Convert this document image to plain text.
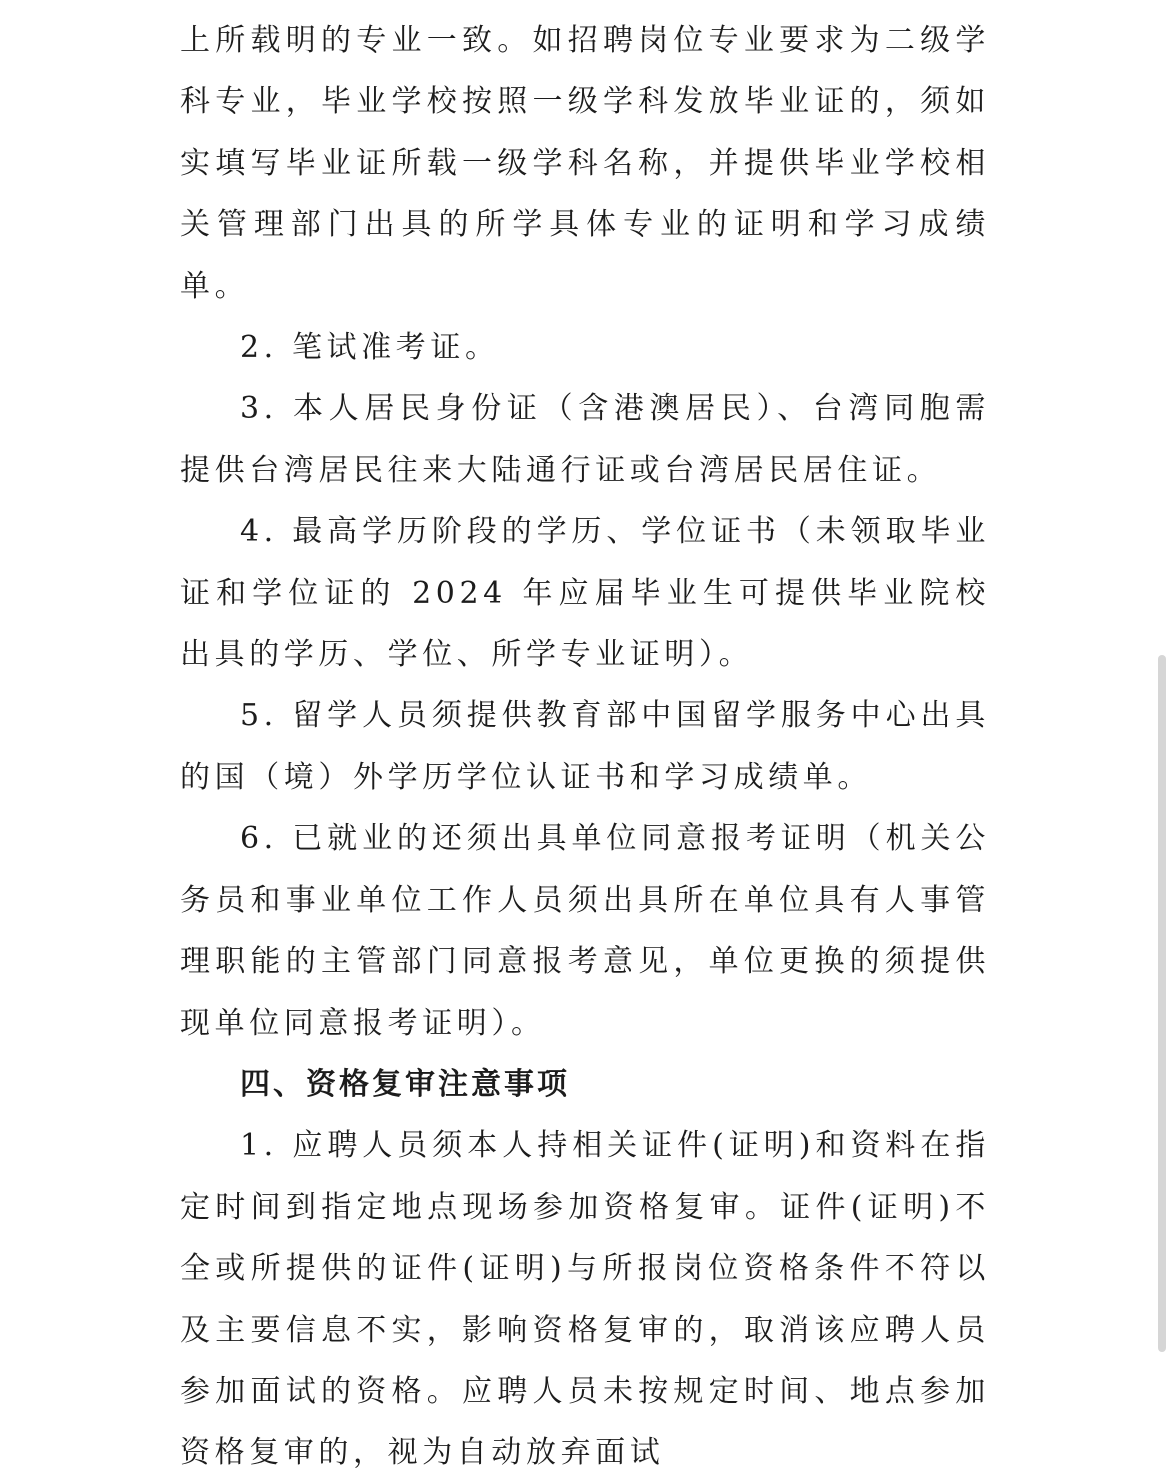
上所载明的专业一致。如招聘岗位专业要求为二级学科专业，毕业学校按照一级学科发放毕业证的，须如实填写毕业证所载一级学科名称，并提供毕业学校相关管理部门出具的所学具体专业的证明和学习成绩单。

2. 笔试准考证。

3. 本人居民身份证（含港澳居民）、台湾同胞需提供台湾居民往来大陆通行证或台湾居民居住证。

4. 最高学历阶段的学历、学位证书（未领取毕业证和学位证的 2024 年应届毕业生可提供毕业院校出具的学历、学位、所学专业证明）。

5. 留学人员须提供教育部中国留学服务中心出具的国（境）外学历学位认证书和学习成绩单。

6. 已就业的还须出具单位同意报考证明（机关公务员和事业单位工作人员须出具所在单位具有人事管理职能的主管部门同意报考意见，单位更换的须提供现单位同意报考证明）。

四、资格复审注意事项

1. 应聘人员须本人持相关证件(证明)和资料在指定时间到指定地点现场参加资格复审。证件(证明)不全或所提供的证件(证明)与所报岗位资格条件不符以及主要信息不实，影响资格复审的，取消该应聘人员参加面试的资格。应聘人员未按规定时间、地点参加资格复审的，视为自动放弃面试
